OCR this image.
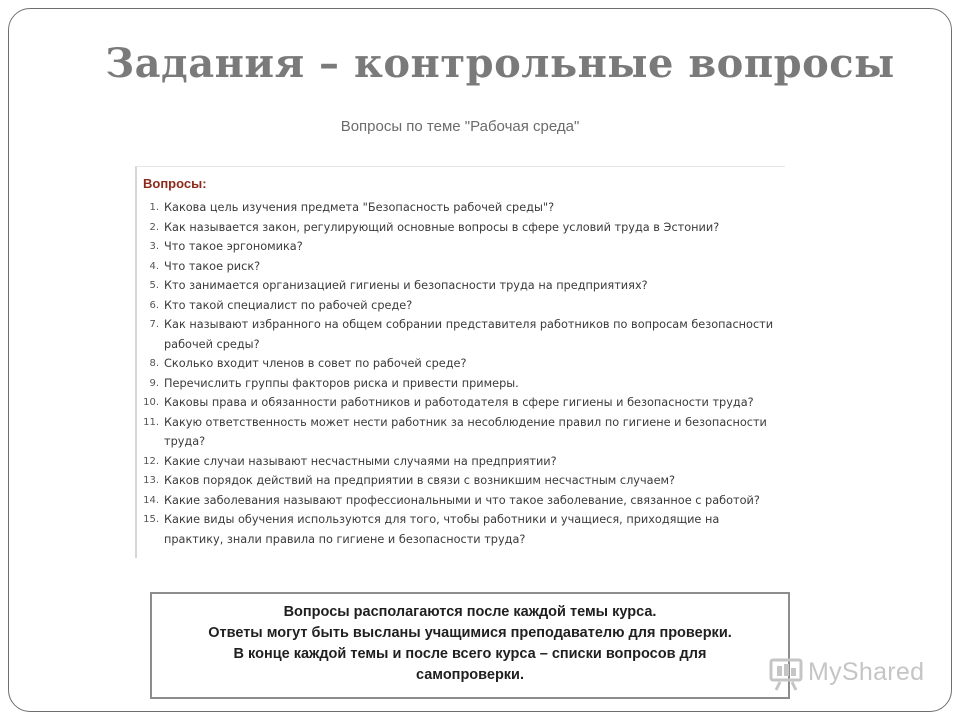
Задания – контрольные вопросы
Вопросы по теме "Рабочая среда"
Вопросы:
1. Какова цель изучения предмета "Безопасность рабочей среды"?
2. Как называется закон, регулирующий основные вопросы в сфере условий труда в Эстонии?
3. Что такое эргономика?
4. Что такое риск?
5. Кто занимается организацией гигиены и безопасности труда на предприятиях?
6. Кто такой специалист по рабочей среде?
7. Как называют избранного на общем собрании представителя работников по вопросам безопасности
рабочей среды?
8. Сколько входит членов в совет по рабочей среде?
9. Перечислить группы факторов риска и привести примеры.
10. Каковы права и обязанности работников и работодателя в сфере гигиены и безопасности труда?
11. Какую ответственность может нести работник за несоблюдение правил по гигиене и безопасности
труда?
12. Какие случаи называют несчастными случаями на предприятии?
13. Каков порядок действий на предприятии в связи с возникшим несчастным случаем?
14. Какие заболевания называют профессиональными и что такое заболевание, связанное с работой?
15. Какие виды обучения используются для того, чтобы работники и учащиеся, приходящие на
практику, знали правила по гигиене и безопасности труда?
Вопросы располагаются после каждой темы курса.
Ответы могут быть высланы учащимися преподавателю для проверки.
В конце каждой темы и после всего курса – списки вопросов для
самопроверки.	MyShared
